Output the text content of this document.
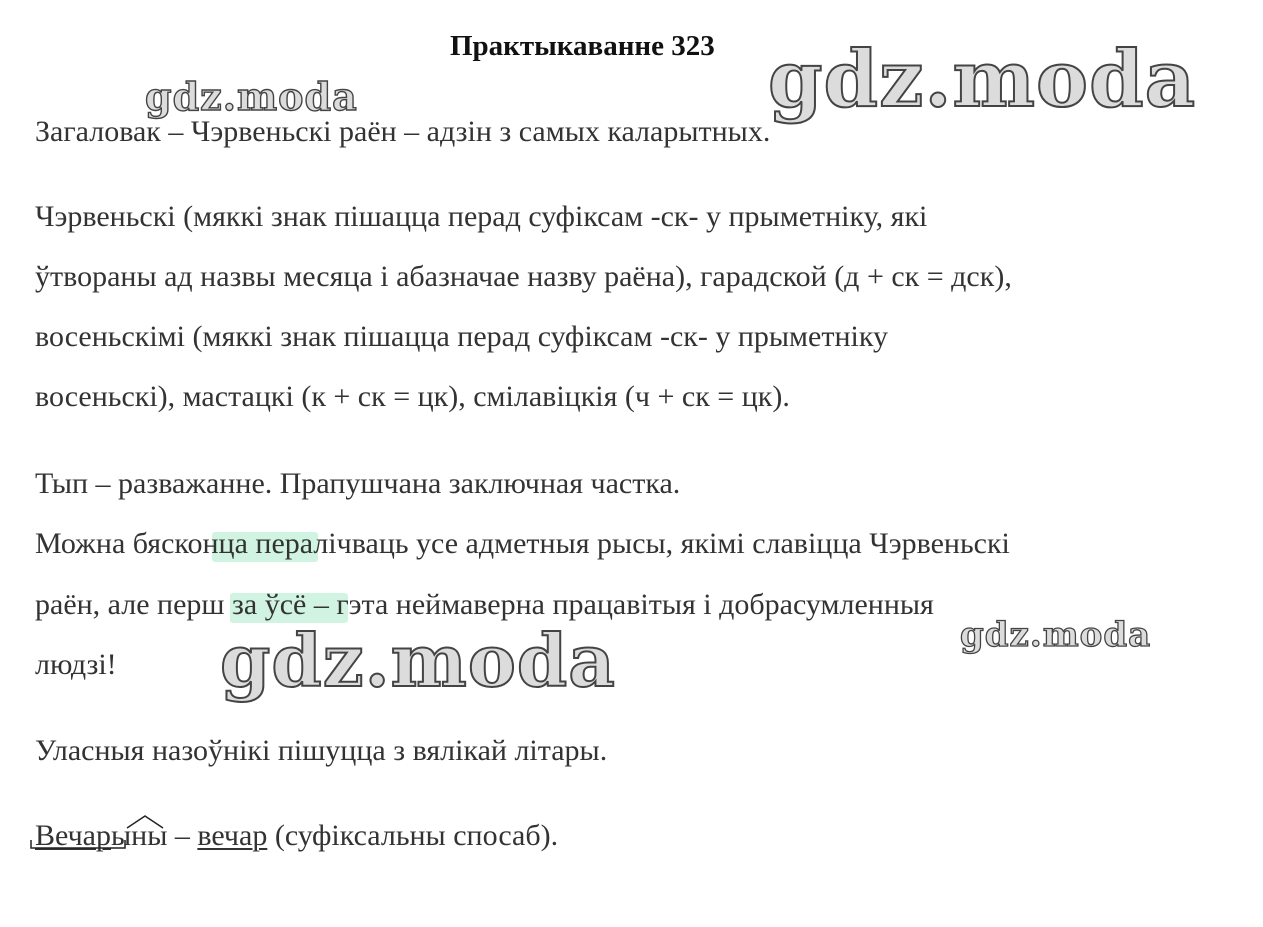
Практыкаванне 323
Загаловак – Чэрвеньскі раён – адзін з самых каларытных.
Чэрвеньскі (мяккі знак пішацца перад суфіксам -ск- у прыметніку, які
ўтвораны ад назвы месяца і абазначае назву раёна), гарадской (д + ск = дск),
восеньскімі (мяккі знак пішацца перад суфіксам -ск- у прыметніку
восеньскі), мастацкі (к + ск = цк), смілавіцкія (ч + ск = цк).
Тып – разважанне. Прапушчана заключная частка.
Можна бясконца пералічваць усе адметныя рысы, якімі славіцца Чэрвеньскі
раён, але перш за ўсё – гэта неймаверна працавітыя і добрасумленныя
людзі!
Уласныя назоўнікі пішуцца з вялікай літары.
Вечарыны – вечар (суфіксальны спосаб).
gdz.moda	gdz.moda
gdz.moda	gdz.moda
